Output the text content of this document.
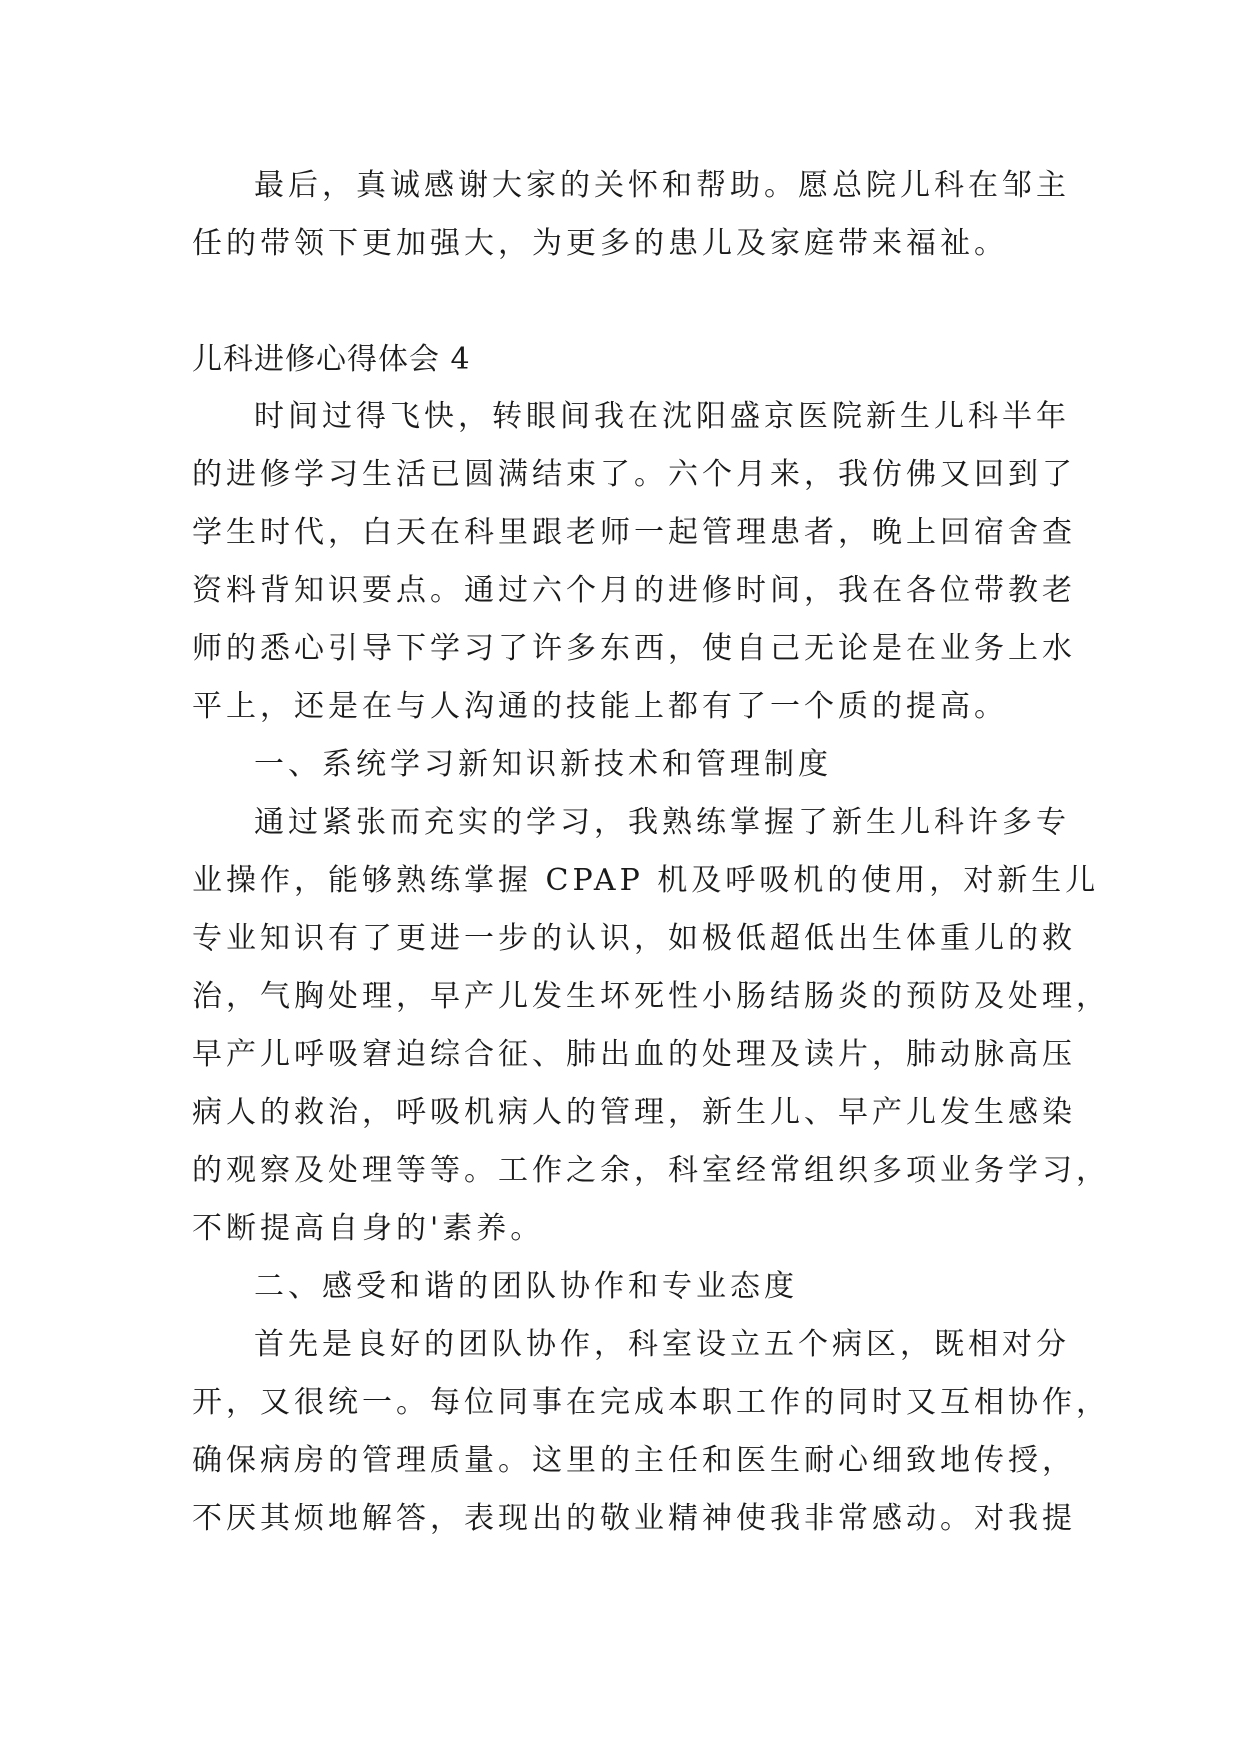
最后，真诚感谢大家的关怀和帮助。愿总院儿科在邹主

任的带领下更加强大，为更多的患儿及家庭带来福祉。

儿科进修心得体会 4

时间过得飞快，转眼间我在沈阳盛京医院新生儿科半年

的进修学习生活已圆满结束了。六个月来，我仿佛又回到了

学生时代，白天在科里跟老师一起管理患者，晚上回宿舍查

资料背知识要点。通过六个月的进修时间，我在各位带教老

师的悉心引导下学习了许多东西，使自己无论是在业务上水

平上，还是在与人沟通的技能上都有了一个质的提高。

一、系统学习新知识新技术和管理制度

通过紧张而充实的学习，我熟练掌握了新生儿科许多专

业操作，能够熟练掌握 CPAP 机及呼吸机的使用，对新生儿

专业知识有了更进一步的认识，如极低超低出生体重儿的救

治，气胸处理，早产儿发生坏死性小肠结肠炎的预防及处理，

早产儿呼吸窘迫综合征、肺出血的处理及读片，肺动脉高压

病人的救治，呼吸机病人的管理，新生儿、早产儿发生感染

的观察及处理等等。工作之余，科室经常组织多项业务学习，

不断提高自身的'素养。

二、感受和谐的团队协作和专业态度

首先是良好的团队协作，科室设立五个病区，既相对分

开，又很统一。每位同事在完成本职工作的同时又互相协作，

确保病房的管理质量。这里的主任和医生耐心细致地传授，

不厌其烦地解答，表现出的敬业精神使我非常感动。对我提
